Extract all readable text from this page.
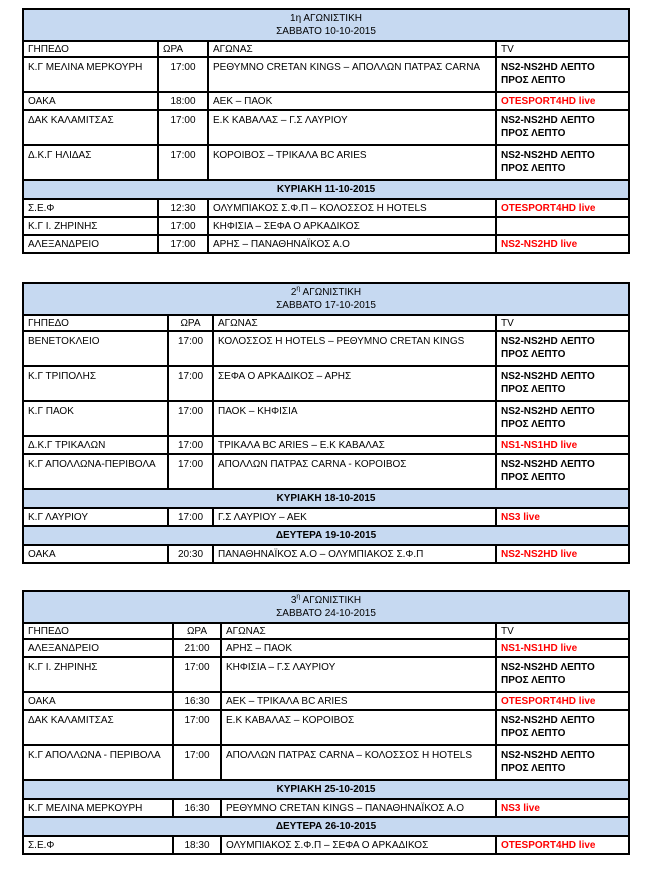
1η ΑΓΩΝΙΣΤΙΚΗ
ΣΑΒΒΑΤΟ 10-10-2015			

ΓΗΠΕΔΟ	ΩΡΑ	ΑΓΩΝΑΣ	TV
Κ.Γ ΜΕΛΙΝΑ ΜΕΡΚΟΥΡΗ	17:00	ΡΕΘΥΜΝΟ CRETAN KINGS – ΑΠΟΛΛΩΝ ΠΑΤΡΑΣ CARNA	NS2-NS2HD ΛΕΠΤΟ ΠΡΟΣ ΛΕΠΤΟ
ΟΑΚΑ	18:00	ΑΕΚ – ΠΑΟΚ	OTESPORT4HD live
ΔΑΚ ΚΑΛΑΜΙΤΣΑΣ	17:00	Ε.Κ ΚΑΒΑΛΑΣ – Γ.Σ ΛΑΥΡΙΟΥ	NS2-NS2HD ΛΕΠΤΟ ΠΡΟΣ ΛΕΠΤΟ
Δ.Κ.Γ ΗΛΙΔΑΣ	17:00	ΚΟΡΟΙΒΟΣ – ΤΡΙΚΑΛΑ BC ARIES	NS2-NS2HD ΛΕΠΤΟ ΠΡΟΣ ΛΕΠΤΟ
ΚΥΡΙΑΚΗ 11-10-2015			
Σ.Ε.Φ	12:30	ΟΛΥΜΠΙΑΚΟΣ Σ.Φ.Π – ΚΟΛΟΣΣΟΣ Η HOTELS	OTESPORT4HD live
Κ.Γ Ι. ΖΗΡΙΝΗΣ	17:00	ΚΗΦΙΣΙΑ – ΣΕΦΑ Ο ΑΡΚΑΔΙΚΟΣ	
ΑΛΕΞΑΝΔΡΕΙΟ	17:00	ΑΡΗΣ – ΠΑΝΑΘΗΝΑΪΚΟΣ Α.Ο	NS2-NS2HD live
$2^\eta$ ΑΓΩΝΙΣΤΙΚΗ
ΣΑΒΒΑΤΟ 17-10-2015			

ΓΗΠΕΔΟ	ΩΡΑ	ΑΓΩΝΑΣ	TV
ΒΕΝΕΤΟΚΛΕΙΟ	17:00	ΚΟΛΟΣΣΟΣ Η HOTELS – ΡΕΘΥΜΝΟ CRETAN KINGS	NS2-NS2HD ΛΕΠΤΟ ΠΡΟΣ ΛΕΠΤΟ
Κ.Γ ΤΡΙΠΟΛΗΣ	17:00	ΣΕΦΑ Ο ΑΡΚΑΔΙΚΟΣ – ΑΡΗΣ	NS2-NS2HD ΛΕΠΤΟ ΠΡΟΣ ΛΕΠΤΟ
Κ.Γ ΠΑΟΚ	17:00	ΠΑΟΚ – ΚΗΦΙΣΙΑ	NS2-NS2HD ΛΕΠΤΟ ΠΡΟΣ ΛΕΠΤΟ
Δ.Κ.Γ ΤΡΙΚΑΛΩΝ	17:00	ΤΡΙΚΑΛΑ BC ARIES – Ε.Κ ΚΑΒΑΛΑΣ	NS1-NS1HD live
Κ.Γ ΑΠΟΛΛΩΝΑ-ΠΕΡΙΒΟΛΑ	17:00	ΑΠΟΛΛΩΝ ΠΑΤΡΑΣ CARNA - ΚΟΡΟΙΒΟΣ	NS2-NS2HD ΛΕΠΤΟ ΠΡΟΣ ΛΕΠΤΟ
ΚΥΡΙΑΚΗ 18-10-2015			
Κ.Γ ΛΑΥΡΙΟΥ	17:00	Γ.Σ ΛΑΥΡΙΟΥ – ΑΕΚ	NS3 live
ΔΕΥΤΕΡΑ 19-10-2015			
ΟΑΚΑ	20:30	ΠΑΝΑΘΗΝΑΪΚΟΣ Α.Ο – ΟΛΥΜΠΙΑΚΟΣ Σ.Φ.Π	NS2-NS2HD live
$3^\eta$ ΑΓΩΝΙΣΤΙΚΗ
ΣΑΒΒΑΤΟ 24-10-2015			

ΓΗΠΕΔΟ	ΩΡΑ	ΑΓΩΝΑΣ	TV
ΑΛΕΞΑΝΔΡΕΙΟ	21:00	ΑΡΗΣ – ΠΑΟΚ	NS1-NS1HD live
Κ.Γ Ι. ΖΗΡΙΝΗΣ	17:00	ΚΗΦΙΣΙΑ – Γ.Σ ΛΑΥΡΙΟΥ	NS2-NS2HD ΛΕΠΤΟ ΠΡΟΣ ΛΕΠΤΟ
ΟΑΚΑ	16:30	ΑΕΚ – ΤΡΙΚΑΛΑ BC ARIES	OTESPORT4HD live
ΔΑΚ ΚΑΛΑΜΙΤΣΑΣ	17:00	Ε.Κ ΚΑΒΑΛΑΣ – ΚΟΡΟΙΒΟΣ	NS2-NS2HD ΛΕΠΤΟ ΠΡΟΣ ΛΕΠΤΟ
Κ.Γ ΑΠΟΛΛΩΝΑ - ΠΕΡΙΒΟΛΑ	17:00	ΑΠΟΛΛΩΝ ΠΑΤΡΑΣ CARNA – ΚΟΛΟΣΣΟΣ Η HOTELS	NS2-NS2HD ΛΕΠΤΟ ΠΡΟΣ ΛΕΠΤΟ
ΚΥΡΙΑΚΗ 25-10-2015			
Κ.Γ ΜΕΛΙΝΑ ΜΕΡΚΟΥΡΗ	16:30	ΡΕΘΥΜΝΟ CRETAN KINGS – ΠΑΝΑΘΗΝΑΪΚΟΣ Α.Ο	NS3 live
ΔΕΥΤΕΡΑ 26-10-2015			
Σ.Ε.Φ	18:30	ΟΛΥΜΠΙΑΚΟΣ Σ.Φ.Π – ΣΕΦΑ Ο ΑΡΚΑΔΙΚΟΣ	OTESPORT4HD live
